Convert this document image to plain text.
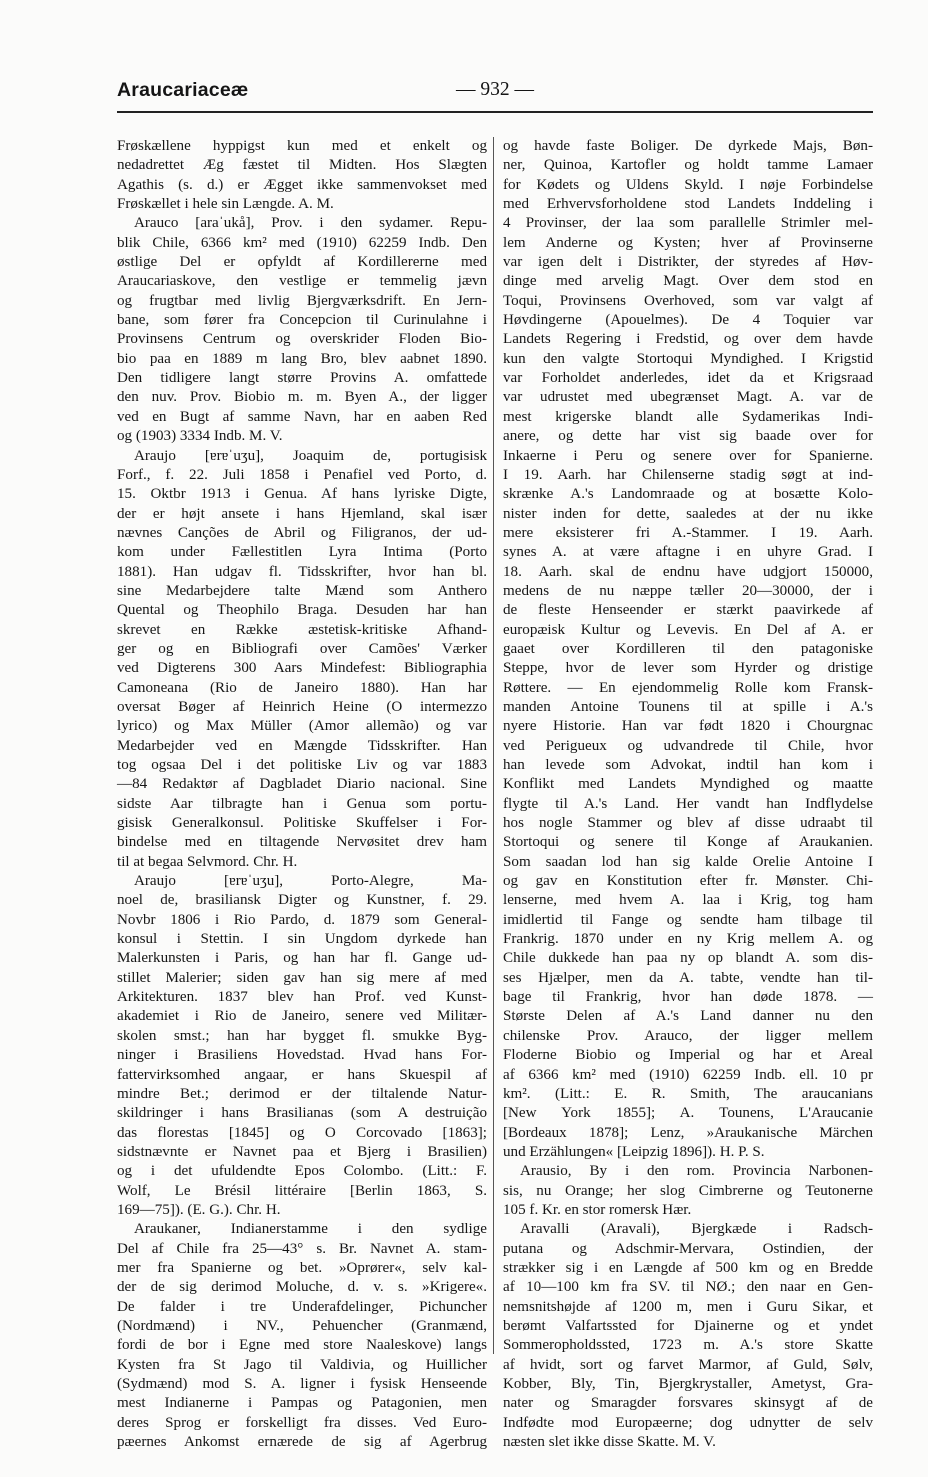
Araucariaceæ	— 932 —
Frøskællene hyppigst kun med et enkelt og
nedadrettet Æg fæstet til Midten. Hos Slægten
Agathis (s. d.) er Ægget ikke sammenvokset med
Frøskællet i hele sin Længde. A. M.
Arauco [araˈukå], Prov. i den sydamer. Repu-
blik Chile, 6366 km² med (1910) 62259 Indb. Den
østlige Del er opfyldt af Kordillererne med
Araucariaskove, den vestlige er temmelig jævn
og frugtbar med livlig Bjergværksdrift. En Jern-
bane, som fører fra Concepcion til Curinulahne i
Provinsens Centrum og overskrider Floden Bio-
bio paa en 1889 m lang Bro, blev aabnet 1890.
Den tidligere langt større Provins A. omfattede
den nuv. Prov. Biobio m. m. Byen A., der ligger
ved en Bugt af samme Navn, har en aaben Red
og (1903) 3334 Indb. M. V.
Araujo [ɐrɐˈuʒu], Joaquim de, portugisisk
Forf., f. 22. Juli 1858 i Penafiel ved Porto, d.
15. Oktbr 1913 i Genua. Af hans lyriske Digte,
der er højt ansete i hans Hjemland, skal især
nævnes Canções de Abril og Filigranos, der ud-
kom under Fællestitlen Lyra Intima (Porto
1881). Han udgav fl. Tidsskrifter, hvor han bl.
sine Medarbejdere talte Mænd som Anthero
Quental og Theophilo Braga. Desuden har han
skrevet en Række æstetisk-kritiske Afhand-
ger og en Bibliografi over Camões' Værker
ved Digterens 300 Aars Mindefest: Bibliographia
Camoneana (Rio de Janeiro 1880). Han har
oversat Bøger af Heinrich Heine (O intermezzo
lyrico) og Max Müller (Amor allemão) og var
Medarbejder ved en Mængde Tidsskrifter. Han
tog ogsaa Del i det politiske Liv og var 1883
—84 Redaktør af Dagbladet Diario nacional. Sine
sidste Aar tilbragte han i Genua som portu-
gisisk Generalkonsul. Politiske Skuffelser i For-
bindelse med en tiltagende Nervøsitet drev ham
til at begaa Selvmord. Chr. H.
Araujo [ɐrɐˈuʒu], Porto-Alegre, Ma-
noel de, brasiliansk Digter og Kunstner, f. 29.
Novbr 1806 i Rio Pardo, d. 1879 som General-
konsul i Stettin. I sin Ungdom dyrkede han
Malerkunsten i Paris, og han har fl. Gange ud-
stillet Malerier; siden gav han sig mere af med
Arkitekturen. 1837 blev han Prof. ved Kunst-
akademiet i Rio de Janeiro, senere ved Militær-
skolen smst.; han har bygget fl. smukke Byg-
ninger i Brasiliens Hovedstad. Hvad hans For-
fattervirksomhed angaar, er hans Skuespil af
mindre Bet.; derimod er der tiltalende Natur-
skildringer i hans Brasilianas (som A destruição
das florestas [1845] og O Corcovado [1863];
sidstnævnte er Navnet paa et Bjerg i Brasilien)
og i det ufuldendte Epos Colombo. (Litt.: F.
Wolf, Le Brésil littéraire [Berlin 1863, S.
169—75]). (E. G.). Chr. H.
Araukaner, Indianerstamme i den sydlige
Del af Chile fra 25—43° s. Br. Navnet A. stam-
mer fra Spanierne og bet. »Oprører«, selv kal-
der de sig derimod Moluche, d. v. s. »Krigere«.
De falder i tre Underafdelinger, Pichuncher
(Nordmænd) i NV., Pehuencher (Granmænd,
fordi de bor i Egne med store Naaleskove) langs
Kysten fra St Jago til Valdivia, og Huillicher
(Sydmænd) mod S. A. ligner i fysisk Henseende
mest Indianerne i Pampas og Patagonien, men
deres Sprog er forskelligt fra disses. Ved Euro-
pæernes Ankomst ernærede de sig af Agerbrug
og havde faste Boliger. De dyrkede Majs, Bøn-
ner, Quinoa, Kartofler og holdt tamme Lamaer
for Kødets og Uldens Skyld. I nøje Forbindelse
med Erhvervsforholdene stod Landets Inddeling i
4 Provinser, der laa som parallelle Strimler mel-
lem Anderne og Kysten; hver af Provinserne
var igen delt i Distrikter, der styredes af Høv-
dinge med arvelig Magt. Over dem stod en
Toqui, Provinsens Overhoved, som var valgt af
Høvdingerne (Apouelmes). De 4 Toquier var
Landets Regering i Fredstid, og over dem havde
kun den valgte Stortoqui Myndighed. I Krigstid
var Forholdet anderledes, idet da et Krigsraad
var udrustet med ubegrænset Magt. A. var de
mest krigerske blandt alle Sydamerikas Indi-
anere, og dette har vist sig baade over for
Inkaerne i Peru og senere over for Spanierne.
I 19. Aarh. har Chilenserne stadig søgt at ind-
skrænke A.'s Landomraade og at bosætte Kolo-
nister inden for dette, saaledes at der nu ikke
mere eksisterer fri A.-Stammer. I 19. Aarh.
synes A. at være aftagne i en uhyre Grad. I
18. Aarh. skal de endnu have udgjort 150000,
medens de nu næppe tæller 20—30000, der i
de fleste Henseender er stærkt paavirkede af
europæisk Kultur og Levevis. En Del af A. er
gaaet over Kordilleren til den patagoniske
Steppe, hvor de lever som Hyrder og dristige
Røttere. — En ejendommelig Rolle kom Fransk-
manden Antoine Tounens til at spille i A.'s
nyere Historie. Han var født 1820 i Chourgnac
ved Perigueux og udvandrede til Chile, hvor
han levede som Advokat, indtil han kom i
Konflikt med Landets Myndighed og maatte
flygte til A.'s Land. Her vandt han Indflydelse
hos nogle Stammer og blev af disse udraabt til
Stortoqui og senere til Konge af Araukanien.
Som saadan lod han sig kalde Orelie Antoine I
og gav en Konstitution efter fr. Mønster. Chi-
lenserne, med hvem A. laa i Krig, tog ham
imidlertid til Fange og sendte ham tilbage til
Frankrig. 1870 under en ny Krig mellem A. og
Chile dukkede han paa ny op blandt A. som dis-
ses Hjælper, men da A. tabte, vendte han til-
bage til Frankrig, hvor han døde 1878. —
Største Delen af A.'s Land danner nu den
chilenske Prov. Arauco, der ligger mellem
Floderne Biobio og Imperial og har et Areal
af 6366 km² med (1910) 62259 Indb. ell. 10 pr
km². (Litt.: E. R. Smith, The araucanians
[New York 1855]; A. Tounens, L'Araucanie
[Bordeaux 1878]; Lenz, »Araukanische Märchen
und Erzählungen« [Leipzig 1896]). H. P. S.
Arausio, By i den rom. Provincia Narbonen-
sis, nu Orange; her slog Cimbrerne og Teutonerne
105 f. Kr. en stor romersk Hær.
Aravalli (Aravali), Bjergkæde i Radsch-
putana og Adschmir-Mervara, Ostindien, der
strækker sig i en Længde af 500 km og en Bredde
af 10—100 km fra SV. til NØ.; den naar en Gen-
nemsnitshøjde af 1200 m, men i Guru Sikar, et
berømt Valfartssted for Djainerne og et yndet
Sommeropholdssted, 1723 m. A.'s store Skatte
af hvidt, sort og farvet Marmor, af Guld, Sølv,
Kobber, Bly, Tin, Bjergkrystaller, Ametyst, Gra-
nater og Smaragder forsvares skinsygt af de
Indfødte mod Europæerne; dog udnytter de selv
næsten slet ikke disse Skatte. M. V.
